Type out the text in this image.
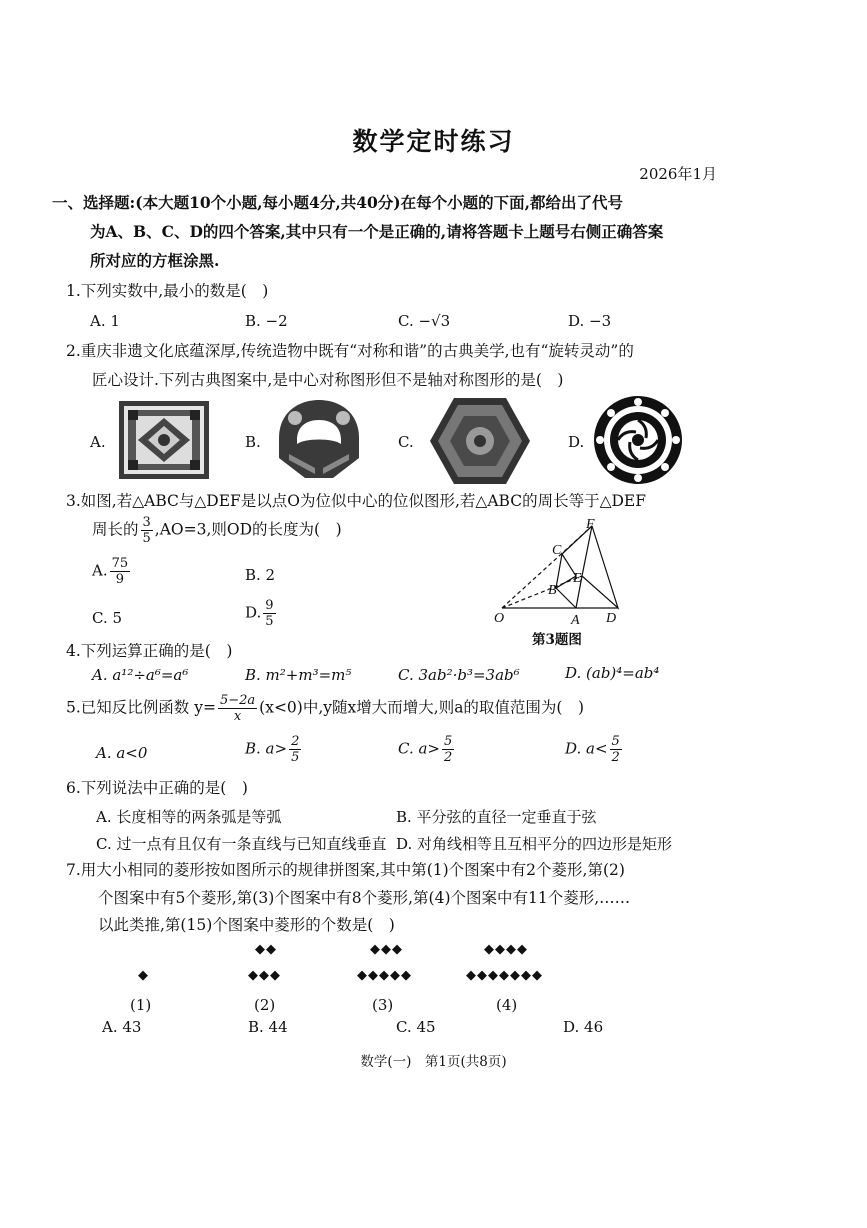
数学定时练习
2026年1月
一、选择题:(本大题10个小题,每小题4分,共40分)在每个小题的下面,都给出了代号
为A、B、C、D的四个答案,其中只有一个是正确的,请将答题卡上题号右侧正确答案
所对应的方框涂黑.
1.下列实数中,最小的数是(　)
A. 1	B. −2	C. −√3	D. −3
2.重庆非遗文化底蕴深厚,传统造物中既有“对称和谐”的古典美学,也有“旋转灵动”的
匠心设计.下列古典图案中,是中心对称图形但不是轴对称图形的是(　)
A.	B.	C.	D.
3.如图,若△ABC与△DEF是以点O为位似中心的位似图形,若△ABC的周长等于△DEF
周长的 $\frac{3}{5} ,AO=3$,则OD的长度为(　)
A. $\frac{75}{9}$	B. 2
C. 5	D. $\frac{9}{5}$	O	A
B
C
D
E
F
第3题图
4.下列运算正确的是(　)
A. a¹²÷a⁶=a⁶	B. m²+m³=m⁵	C. 3ab²·b³=3ab⁶	D. (ab)⁴=ab⁴
5.已知反比例函数 $y= \frac{5-2a}{x} (x<0)$中,y随x增大而增大,则a的取值范围为(　)
A. a<0	B. $a> \frac{2}{5}$	C. $a> \frac{5}{2}$	D. $a< \frac{5}{2}$
6.下列说法中正确的是(　)
A. 长度相等的两条弧是等弧	B. 平分弦的直径一定垂直于弦
C. 过一点有且仅有一条直线与已知直线垂直 D. 对角线相等且互相平分的四边形是矩形
7.用大小相同的菱形按如图所示的规律拼图案,其中第(1)个图案中有2个菱形,第(2)
个图案中有5个菱形,第(3)个图案中有8个菱形,第(4)个图案中有11个菱形,……
以此类推,第(15)个图案中菱形的个数是(　)
◆
◆◆
◆◆◆
◆◆◆
◆◆◆◆◆
◆◆◆◆
◆◆◆◆◆◆◆
(1)	(2)	(3)	(4)
A. 43	B. 44	C. 45	D. 46
数学(一)　第1页(共8页)
